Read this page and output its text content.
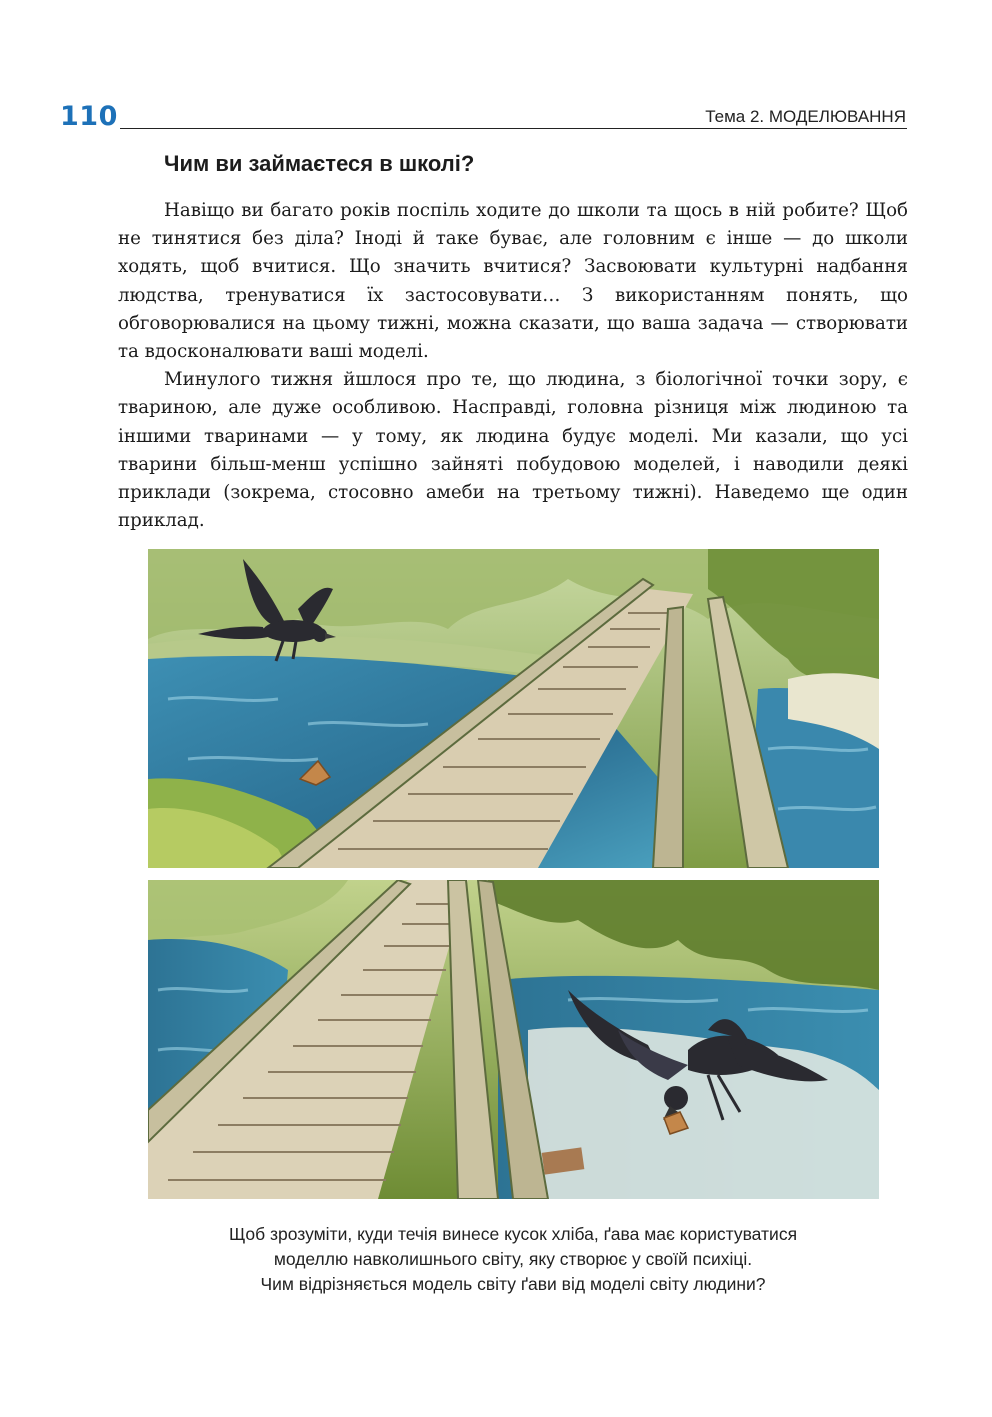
110	Тема 2. МОДЕЛЮВАННЯ
Чим ви займаєтеся в школі?

Навіщо ви багато років поспіль ходите до школи та щось в ній робите? Щоб не тинятися без діла? Іноді й таке буває, але головним є інше — до школи ходять, щоб вчитися. Що значить вчитися? Засвоювати культурні надбання людства, тренуватися їх застосовувати… З використанням понять, що обговорювалися на цьому тижні, можна сказати, що ваша задача — створювати та вдосконалювати ваші моделі.

Минулого тижня йшлося про те, що людина, з біологічної точки зору, є твариною, але дуже особливою. Насправді, головна різниця між людиною та іншими тваринами — у тому, як людина будує моделі. Ми казали, що усі тварини більш-менш успішно зайняті побудовою моделей, і наводили деякі приклади (зокрема, стосовно амеби на третьому тижні). Наведемо ще один приклад.

Щоб зрозуміти, куди течія винесе кусок хліба, ґава має користуватися
моделлю навколишнього світу, яку створює у своїй психіці.
Чим відрізняється модель світу ґави від моделі світу людини?
